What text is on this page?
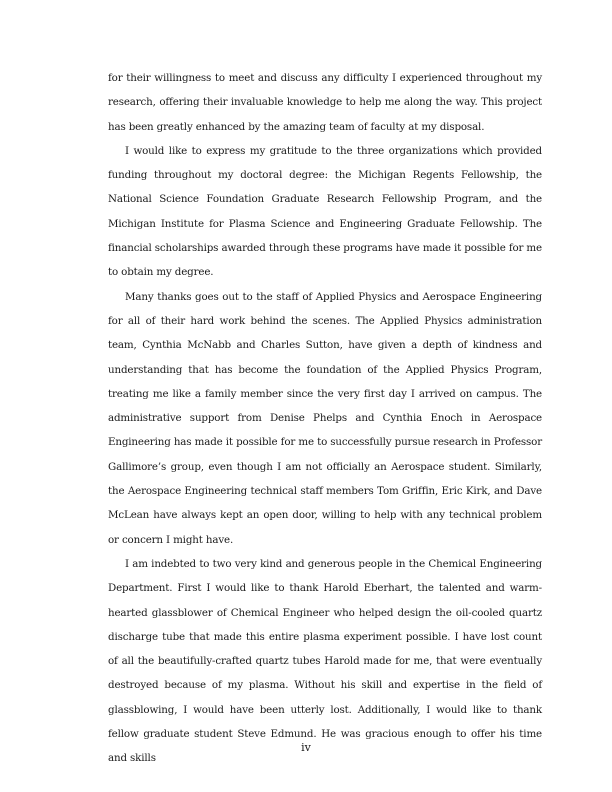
for their willingness to meet and discuss any difficulty I experienced throughout my research, offering their invaluable knowledge to help me along the way. This project has been greatly enhanced by the amazing team of faculty at my disposal.

I would like to express my gratitude to the three organizations which provided funding throughout my doctoral degree: the Michigan Regents Fellowship, the National Science Foundation Graduate Research Fellowship Program, and the Michigan Institute for Plasma Science and Engineering Graduate Fellowship. The financial scholarships awarded through these programs have made it possible for me to obtain my degree.

Many thanks goes out to the staff of Applied Physics and Aerospace Engineering for all of their hard work behind the scenes. The Applied Physics administration team, Cynthia McNabb and Charles Sutton, have given a depth of kindness and understanding that has become the foundation of the Applied Physics Program, treating me like a family member since the very first day I arrived on campus. The administrative support from Denise Phelps and Cynthia Enoch in Aerospace Engineering has made it possible for me to successfully pursue research in Professor Gallimore’s group, even though I am not officially an Aerospace student. Similarly, the Aerospace Engineering technical staff members Tom Griffin, Eric Kirk, and Dave McLean have always kept an open door, willing to help with any technical problem or concern I might have.

I am indebted to two very kind and generous people in the Chemical Engineering Department. First I would like to thank Harold Eberhart, the talented and warm-hearted glassblower of Chemical Engineer who helped design the oil-cooled quartz discharge tube that made this entire plasma experiment possible. I have lost count of all the beautifully-crafted quartz tubes Harold made for me, that were eventually destroyed because of my plasma. Without his skill and expertise in the field of glassblowing, I would have been utterly lost. Additionally, I would like to thank fellow graduate student Steve Edmund. He was gracious enough to offer his time and skills

iv
